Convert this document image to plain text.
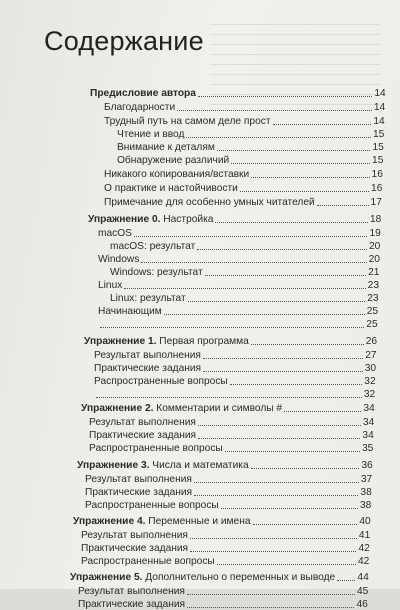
Содержание
Предисловие автора	14
Благодарности	14
Трудный путь на самом деле прост	14
Чтение и ввод	15
Внимание к деталям	15
Обнаружение различий	15
Никакого копирования/вставки	16
О практике и настойчивости	16
Примечание для особенно умных читателей	17
Упражнение 0. Настройка	18
macOS	19
macOS: результат	20
Windows	20
Windows: результат	21
Linux	23
Linux: результат	23
Начинающим	25
25
Упражнение 1. Первая программа	26
Результат выполнения	27
Практические задания	30
Распространенные вопросы	32
32
Упражнение 2. Комментарии и символы #	34
Результат выполнения	34
Практические задания	34
Распространенные вопросы	35
Упражнение 3. Числа и математика	36
Результат выполнения	37
Практические задания	38
Распространенные вопросы	38
Упражнение 4. Переменные и имена	40
Результат выполнения	41
Практические задания	42
Распространенные вопросы	42
Упражнение 5. Дополнительно о переменных и выводе 44
Результат выполнения	45
Практические задания	46
